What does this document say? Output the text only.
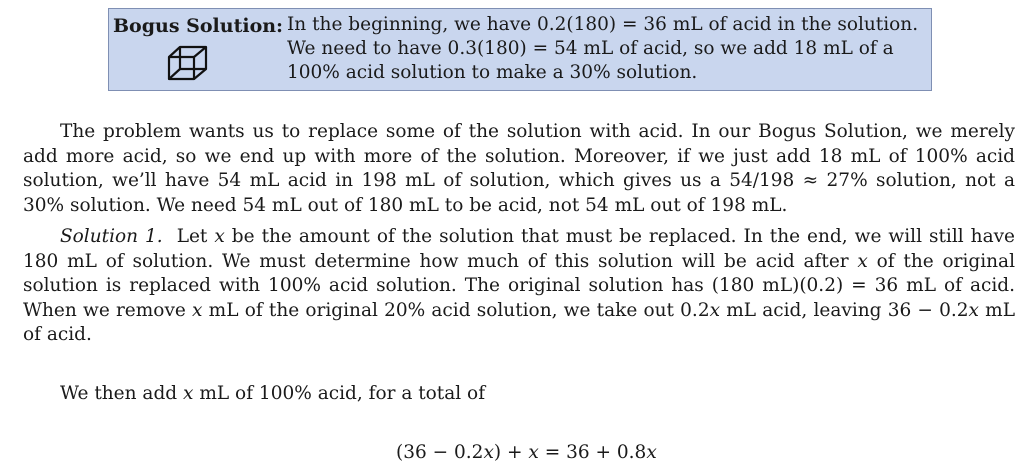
Bogus Solution: In the beginning, we have 0.2(180) = 36 mL of acid in the solution.
We need to have 0.3(180) = 54 mL of acid, so we add 18 mL of a
100% acid solution to make a 30% solution.
The problem wants us to replace some of the solution with acid. In our Bogus Solution, we merely
add more acid, so we end up with more of the solution. Moreover, if we just add 18 mL of 100% acid
solution, we’ll have 54 mL acid in 198 mL of solution, which gives us a 54/198 ≈ 27% solution, not a
30% solution. We need 54 mL out of 180 mL to be acid, not 54 mL out of 198 mL.
Solution 1. Let x be the amount of the solution that must be replaced. In the end, we will still have
180 mL of solution. We must determine how much of this solution will be acid after x of the original
solution is replaced with 100% acid solution. The original solution has (180 mL)(0.2) = 36 mL of acid.
When we remove x mL of the original 20% acid solution, we take out 0.2x mL acid, leaving 36 − 0.2x mL
of acid.
We then add x mL of 100% acid, for a total of
(36 − 0.2x) + x = 36 + 0.8x
